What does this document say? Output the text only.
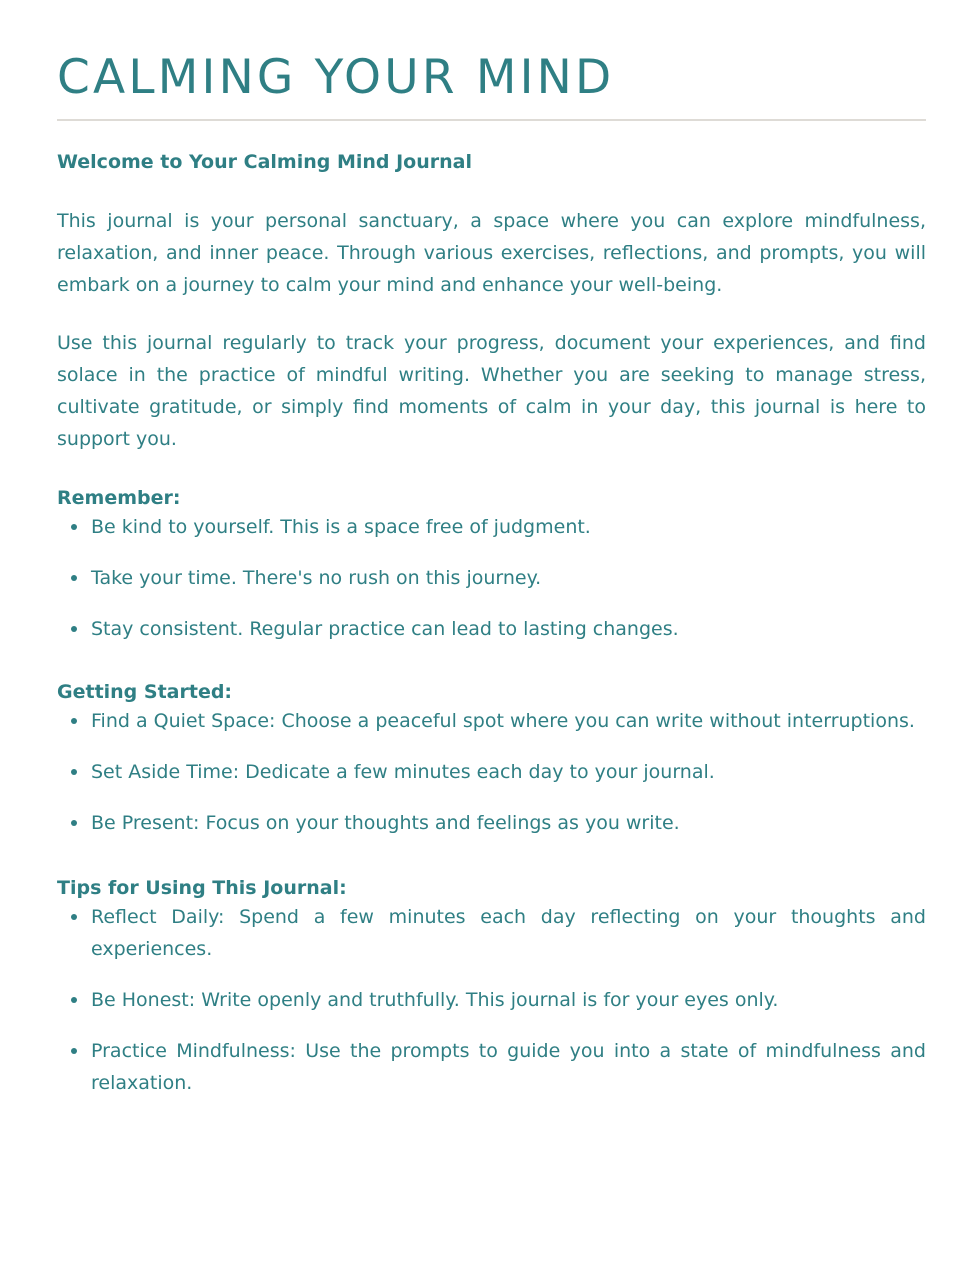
CALMING YOUR MIND
Welcome to Your Calming Mind Journal

This journal is your personal sanctuary, a space where you can explore mindfulness, relaxation, and inner peace. Through various exercises, reflections, and prompts, you will embark on a journey to calm your mind and enhance your well-being.

Use this journal regularly to track your progress, document your experiences, and find solace in the practice of mindful writing. Whether you are seeking to manage stress, cultivate gratitude, or simply find moments of calm in your day, this journal is here to support you.

Remember:
Be kind to yourself. This is a space free of judgment.
Take your time. There's no rush on this journey.
Stay consistent. Regular practice can lead to lasting changes.
Getting Started:
Find a Quiet Space: Choose a peaceful spot where you can write without interruptions.
Set Aside Time: Dedicate a few minutes each day to your journal.
Be Present: Focus on your thoughts and feelings as you write.
Tips for Using This Journal:
Reflect Daily: Spend a few minutes each day reflecting on your thoughts and experiences.
Be Honest: Write openly and truthfully. This journal is for your eyes only.
Practice Mindfulness: Use the prompts to guide you into a state of mindfulness and relaxation.
